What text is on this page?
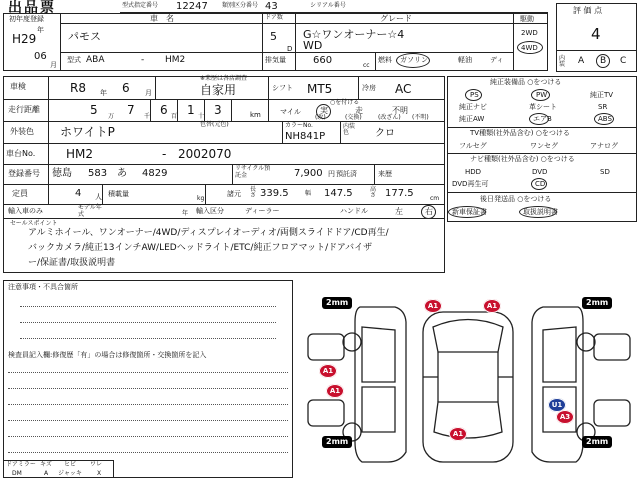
出品票	型式指定番号 12247 類別区分番号 43	シリアル番号
初年度登録
H29
年
06
月
車　名
パモス
ドア数
5
D
グレード
G☆ワンオーナー☆4
WD
駆動
2WD
4WD
評 価 点
4
内装 A B C
型式 ABA	- HM2	排気量	660	cc
燃料 ガソリン	軽油	ディ
車検	R8 年 6 月
※来歴は各店調査
自家用	シフト MT5	冷房 AC
走行距離	5 万 7 千 6 百 1 十 3	km
○を付ける
マイル 実	走	不明
(改)	(交換)	(改ざん) (不明)
外装色 ホワイトP
色替(元色)	カラーNo.
NH841P
内装色	クロ
車台No.	HM2	- 2002070
登録番号 徳島 583 あ 4829	リサイクル預託金	7,900 円 預託済	来歴
定員	4 人 積載量
kg
諸元
長さ 339.5	幅 147.5	高さ 177.5	cm
輸入車のみ	モデル年式	年 輸入区分	ディーラー	ハンドル	左	右
セールスポイント
アルミホイール、ワンオーナー/4WD/ディスプレイオーディオ/両側スライドドア/CD再生/
バックカメラ/純正13インチAW/LEDヘッドライト/ETC/純正フロアマット/ドアバイザ
ー/保証書/取扱説明書
純正装備品 ○をつける
PS	PW	純正TV
純正ナビ	革シート	SR
純正AW	エアB	ABS
TV種類(社外品含む) ○をつける
フルセグ	ワンセグ	アナログ
ナビ種類(社外品含む) ○をつける
HDD	DVD	SD
DVD再生可	CD
後日発送品 ○をつける
新車保証書	取扱説明書
注意事項・不具合箇所
検査員記入欄:修復歴「有」の場合は修復箇所・交換箇所を記入
ドアミラー キズ ヒビ ワレ
DM	A ジャッキ	X
2mm	2mm
2mm	2mm
A1	A1
A1
A1
U1
A3
A1
